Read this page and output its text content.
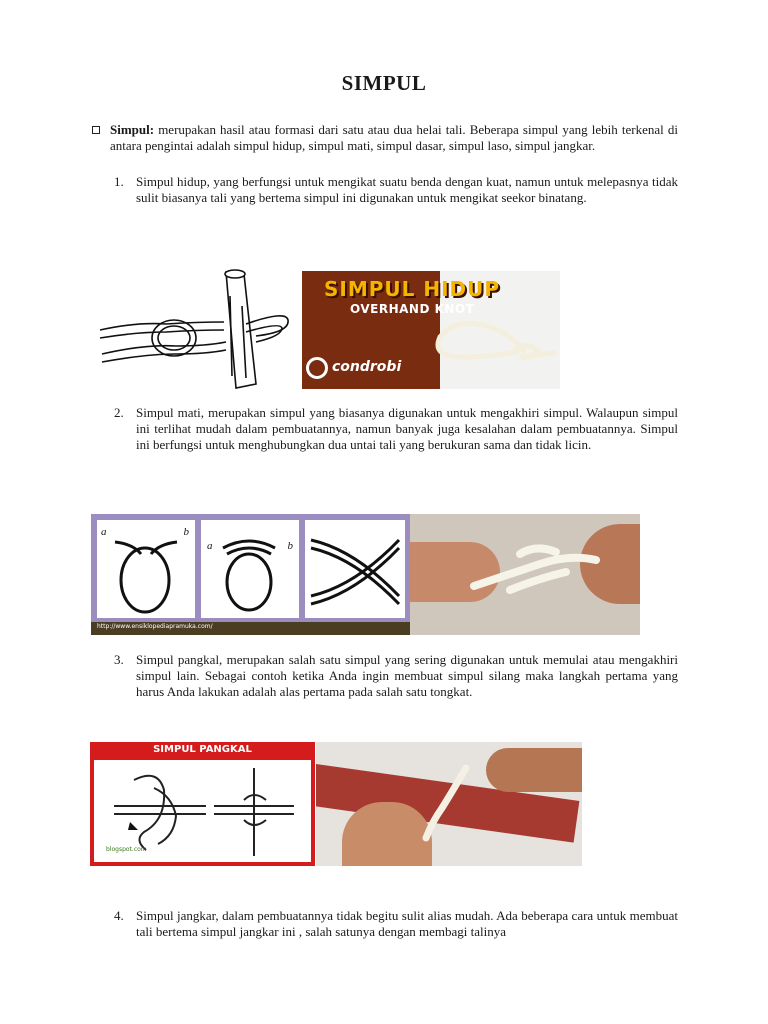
SIMPUL

Simpul: merupakan hasil atau formasi dari satu atau dua helai tali. Beberapa simpul yang lebih terkenal di antara pengintai adalah simpul hidup, simpul mati, simpul dasar, simpul laso, simpul jangkar.

1. Simpul hidup, yang berfungsi untuk mengikat suatu benda dengan kuat, namun untuk melepasnya tidak sulit biasanya tali yang bertema simpul ini digunakan untuk mengikat seekor binatang.

SIMPUL HIDUP
OVERHAND KNOT
condrobi
2. Simpul mati, merupakan simpul yang biasanya digunakan untuk mengakhiri simpul. Walaupun simpul ini terlihat mudah dalam pembuatannya, namun banyak juga kesalahan dalam pembuatannya. Simpul ini berfungsi untuk menghubungkan dua untai tali yang berukuran sama dan tidak licin.

http://www.ensiklopediapramuka.com/
a	b
a	b
3. Simpul pangkal, merupakan salah satu simpul yang sering digunakan untuk memulai atau mengakhiri simpul lain. Sebagai contoh ketika Anda ingin membuat simpul silang maka langkah pertama yang harus Anda lakukan adalah alas pertama pada salah satu tongkat.

SIMPUL PANGKAL
blogspot.com
4. Simpul jangkar, dalam pembuatannya tidak begitu sulit alias mudah. Ada beberapa cara untuk membuat tali bertema simpul jangkar ini , salah satunya dengan membagi talinya
